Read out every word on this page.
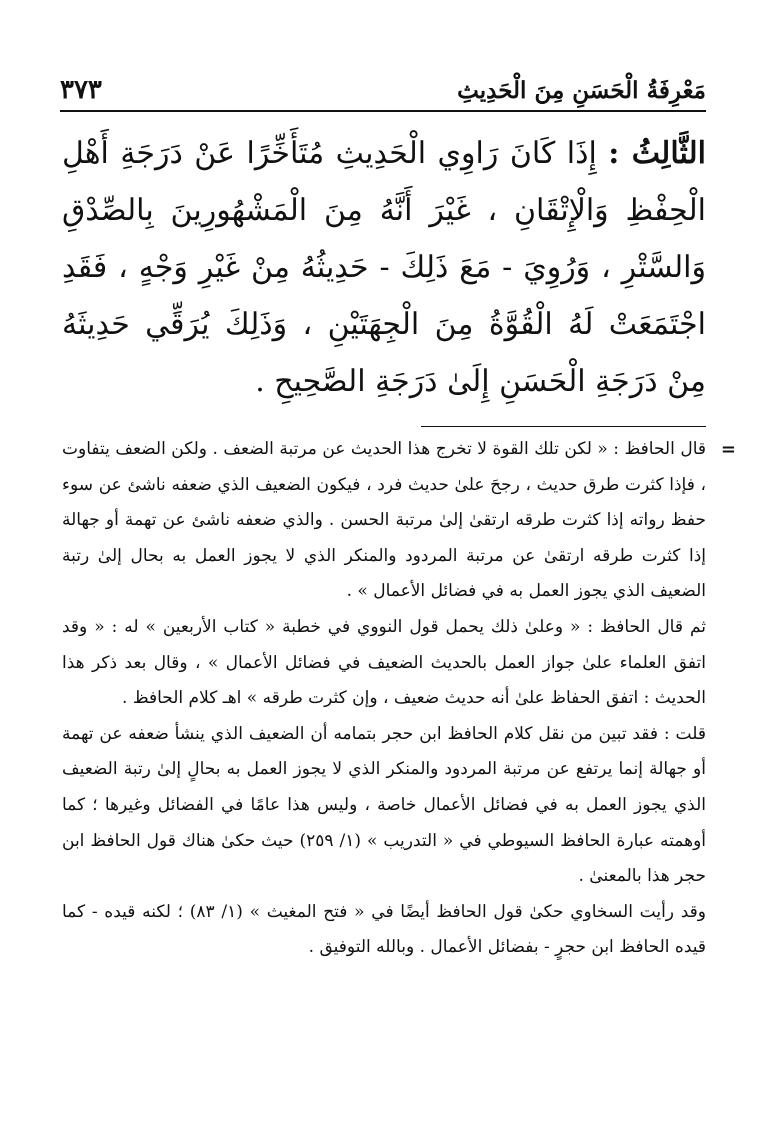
مَعْرِفَةُ الْحَسَنِ مِنَ الْحَدِيثِ
٣٧٣
الثَّالِثُ : إِذَا كَانَ رَاوِي الْحَدِيثِ مُتَأَخِّرًا عَنْ دَرَجَةِ أَهْلِ الْحِفْظِ وَالْإِتْقَانِ ، غَيْرَ أَنَّهُ مِنَ الْمَشْهُورِينَ بِالصِّدْقِ وَالسَّتْرِ ، وَرُوِيَ - مَعَ ذَلِكَ - حَدِيثُهُ مِنْ غَيْرِ وَجْهٍ ، فَقَدِ اجْتَمَعَتْ لَهُ الْقُوَّةُ مِنَ الْجِهَتَيْنِ ، وَذَلِكَ يُرَقِّي حَدِيثَهُ مِنْ دَرَجَةِ الْحَسَنِ إِلَىٰ دَرَجَةِ الصَّحِيحِ .
=

قال الحافظ : « لكن تلك القوة لا تخرج هذا الحديث عن مرتبة الضعف . ولكن الضعف يتفاوت ، فإذا كثرت طرق حديث ، رجحَ علىٰ حديث فرد ، فيكون الضعيف الذي ضعفه ناشئ عن سوء حفظ رواته إذا كثرت طرقه ارتقىٰ إلىٰ مرتبة الحسن . والذي ضعفه ناشئ عن تهمة أو جهالة إذا كثرت طرقه ارتقىٰ عن مرتبة المردود والمنكر الذي لا يجوز العمل به بحال إلىٰ رتبة الضعيف الذي يجوز العمل به في فضائل الأعمال » .

ثم قال الحافظ : « وعلىٰ ذلك يحمل قول النووي في خطبة « كتاب الأربعين » له : « وقد اتفق العلماء علىٰ جواز العمل بالحديث الضعيف في فضائل الأعمال » ، وقال بعد ذكر هذا الحديث : اتفق الحفاظ علىٰ أنه حديث ضعيف ، وإن كثرت طرقه » اهـ كلام الحافظ .

قلت : فقد تبين من نقل كلام الحافظ ابن حجر بتمامه أن الضعيف الذي ينشأ ضعفه عن تهمة أو جهالة إنما يرتفع عن مرتبة المردود والمنكر الذي لا يجوز العمل به بحالٍ إلىٰ رتبة الضعيف الذي يجوز العمل به في فضائل الأعمال خاصة ، وليس هذا عامًا في الفضائل وغيرها ؛ كما أوهمته عبارة الحافظ السيوطي في « التدريب » (١/ ٢٥٩) حيث حكىٰ هناك قول الحافظ ابن حجر هذا بالمعنىٰ .

وقد رأيت السخاوي حكىٰ قول الحافظ أيضًا في « فتح المغيث » (١/ ٨٣) ؛ لكنه قيده - كما قيده الحافظ ابن حجرٍ - بفضائل الأعمال . وبالله التوفيق .
